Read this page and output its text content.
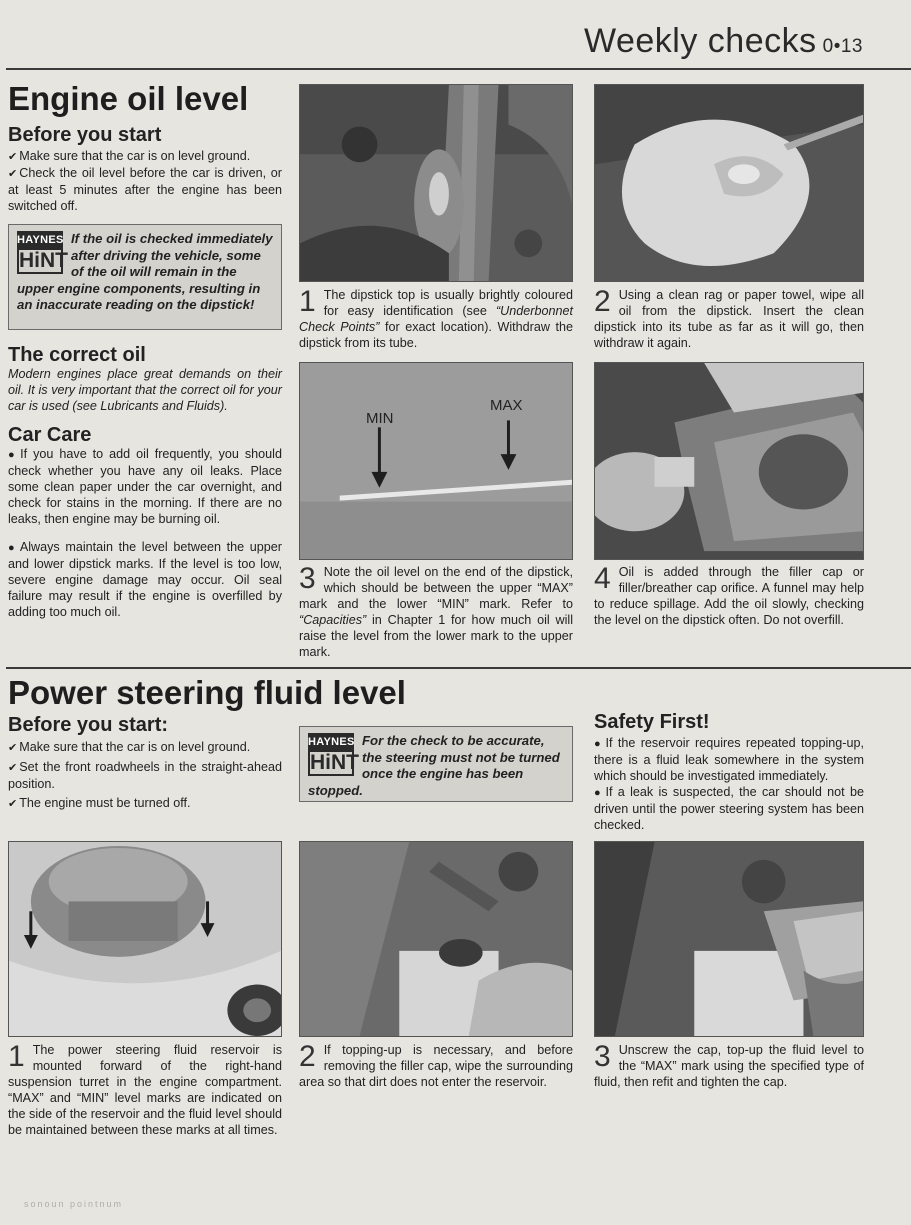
Weekly checks 0•13
Engine oil level
Before you start

✔ Make sure that the car is on level ground.

✔ Check the oil level before the car is driven, or at least 5 minutes after the engine has been switched off.

HAYNES
HiNT
If the oil is checked immediately after driving the vehicle, some of the oil will remain in the upper engine components, resulting in an inaccurate reading on the dipstick!
The correct oil
Modern engines place great demands on their oil. It is very important that the correct oil for your car is used (see Lubricants and Fluids).
Car Care

● If you have to add oil frequently, you should check whether you have any oil leaks. Place some clean paper under the car overnight, and check for stains in the morning. If there are no leaks, then engine may be burning oil.

● Always maintain the level between the upper and lower dipstick marks. If the level is too low, severe engine damage may occur. Oil seal failure may result if the engine is overfilled by adding too much oil.

1 The dipstick top is usually brightly coloured for easy identification (see “Underbonnet Check Points” for exact location). Withdraw the dipstick from its tube.
2 Using a clean rag or paper towel, wipe all oil from the dipstick. Insert the clean dipstick into its tube as far as it will go, then withdraw it again.
MIN
MAX
3 Note the oil level on the end of the dipstick, which should be between the upper “MAX” mark and the lower “MIN” mark. Refer to “Capacities” in Chapter 1 for how much oil will raise the level from the lower mark to the upper mark.
4 Oil is added through the filler cap or filler/breather cap orifice. A funnel may help to reduce spillage. Add the oil slowly, checking the level on the dipstick often. Do not overfill.
Power steering fluid level
Before you start:

✔ Make sure that the car is on level ground.

✔ Set the front roadwheels in the straight-ahead position.

✔ The engine must be turned off.

HAYNES
HiNT
For the check to be accurate, the steering must not be turned once the engine has been stopped.
Safety First!

● If the reservoir requires repeated topping-up, there is a fluid leak somewhere in the system which should be investigated immediately.

● If a leak is suspected, the car should not be driven until the power steering system has been checked.

1 The power steering fluid reservoir is mounted forward of the right-hand suspension turret in the engine compartment. “MAX” and “MIN” level marks are indicated on the side of the reservoir and the fluid level should be maintained between these marks at all times.
2 If topping-up is necessary, and before removing the filler cap, wipe the surrounding area so that dirt does not enter the reservoir.
3 Unscrew the cap, top-up the fluid level to the “MAX” mark using the specified type of fluid, then refit and tighten the cap.
sonoun pointnum
